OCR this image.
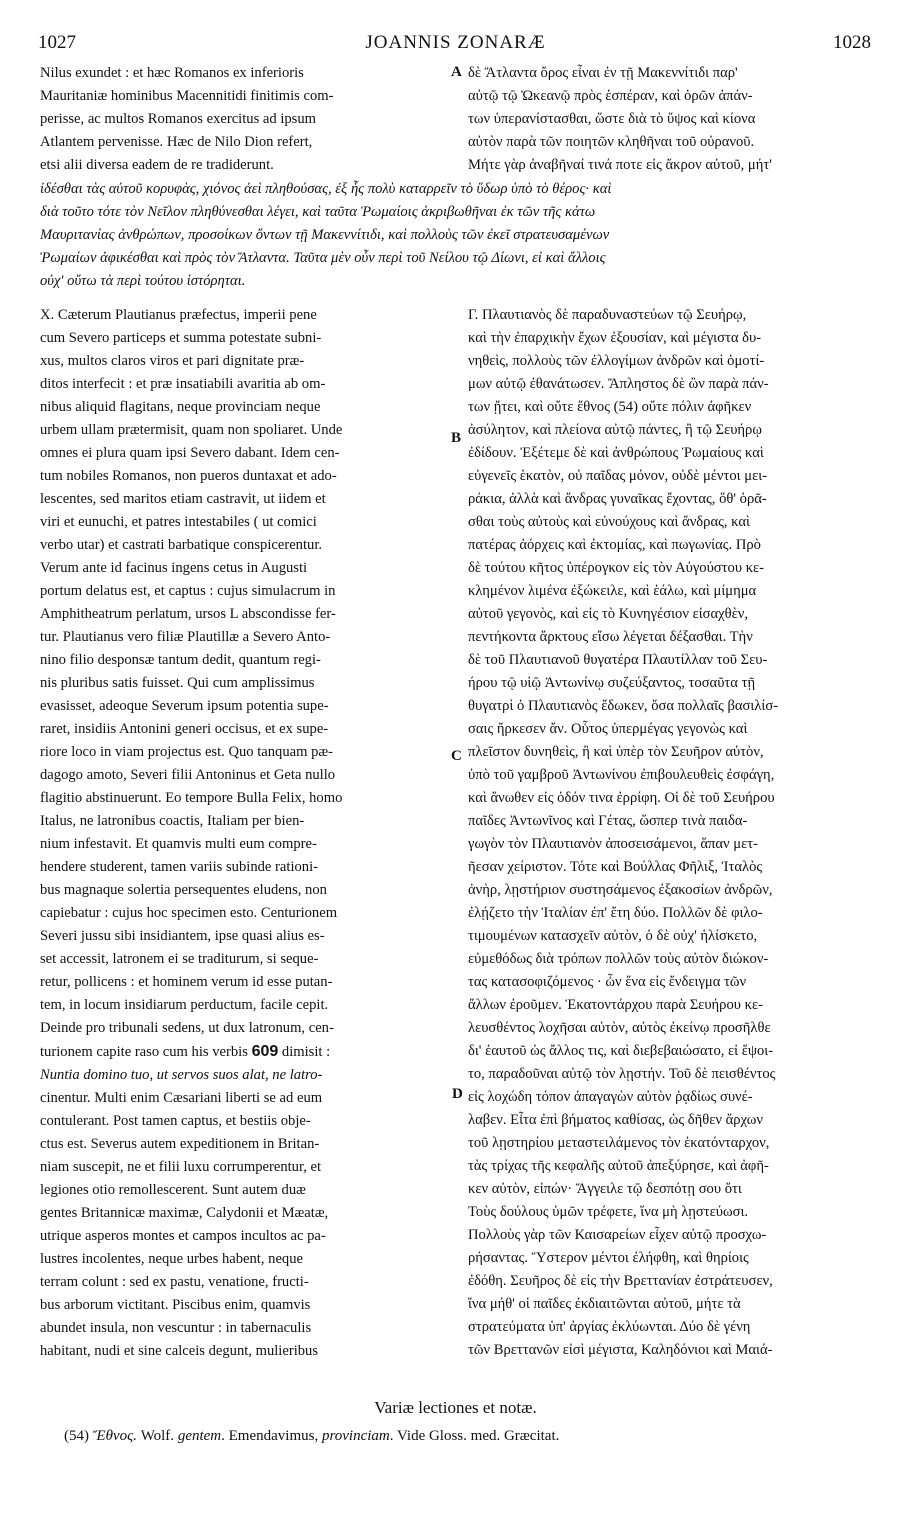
1027	JOANNIS ZONARÆ	1028
Nilus exundet : et hæc Romanos ex inferioris
Mauritaniæ hominibus Macennitidi finitimis com-
perisse, ac multos Romanos exercitus ad ipsum
Atlantem pervenisse. Hæc de Nilo Dion refert,
etsi alii diversa eadem de re tradiderunt.
A δὲ Ἄτλαντα ὄρος εἶναι ἐν τῇ Μακεννίτιδι παρ'
αὐτῷ τῷ Ὠκεανῷ πρὸς ἑσπέραν, καὶ ὁρῶν ἀπάν-
των ὑπερανίστασθαι, ὥστε διὰ τὸ ὕψος καὶ κίονα
αὐτὸν παρὰ τῶν ποιητῶν κληθῆναι τοῦ οὐρανοῦ.
Μήτε γὰρ ἀναβῆναί τινά ποτε εἰς ἄκρον αὐτοῦ, μήτ'
ἰδέσθαι τὰς αὐτοῦ κορυφὰς, χιόνος ἀεὶ πληθούσας, ἐξ ἧς πολὺ καταρρεῖν τὸ ὕδωρ ὑπὸ τὸ θέρος· καὶ
διὰ τοῦτο τότε τὸν Νεῖλον πληθύνεσθαι λέγει, καὶ ταῦτα Ῥωμαίοις ἀκριβωθῆναι ἐκ τῶν τῆς κάτω
Μαυριτανίας ἀνθρώπων, προσοίκων ὄντων τῇ Μακεννίτιδι, καὶ πολλοὺς τῶν ἐκεῖ στρατευσαμένων
Ῥωμαίων ἀφικέσθαι καὶ πρὸς τὸν Ἄτλαντα. Ταῦτα μὲν οὖν περὶ τοῦ Νείλου τῷ Δίωνι, εἰ καὶ ἄλλοις
οὐχ' οὕτω τὰ περὶ τούτου ἱστόρηται.
X. Cæterum Plautianus præfectus, imperii pene
cum Severo particeps et summa potestate subni-
xus, multos claros viros et pari dignitate præ-
ditos interfecit : et præ insatiabili avaritia ab om-
nibus aliquid flagitans, neque provinciam neque
urbem ullam prætermisit, quam non spoliaret. Unde
omnes ei plura quam ipsi Severo dabant. Idem cen-
tum nobiles Romanos, non pueros duntaxat et ado-
lescentes, sed maritos etiam castravit, ut iidem et
viri et eunuchi, et patres intestabiles ( ut comici
verbo utar) et castrati barbatique conspicerentur.
Verum ante id facinus ingens cetus in Augusti
portum delatus est, et captus : cujus simulacrum in
Amphitheatrum perlatum, ursos L abscondisse fer-
tur. Plautianus vero filiæ Plautillæ a Severo Anto-
nino filio desponsæ tantum dedit, quantum regi-
nis pluribus satis fuisset. Qui cum amplissimus
evasisset, adeoque Severum ipsum potentia supe-
raret, insidiis Antonini generi occisus, et ex supe-
riore loco in viam projectus est. Quo tanquam pæ-
dagogo amoto, Severi filii Antoninus et Geta nullo
flagitio abstinuerunt. Eo tempore Bulla Felix, homo
Italus, ne latronibus coactis, Italiam per bien-
nium infestavit. Et quamvis multi eum compre-
hendere studerent, tamen variis subinde rationi-
bus magnaque solertia persequentes eludens, non
capiebatur : cujus hoc specimen esto. Centurionem
Severi jussu sibi insidiantem, ipse quasi alius es-
set accessit, latronem ei se traditurum, si seque-
retur, pollicens : et hominem verum id esse putan-
tem, in locum insidiarum perductum, facile cepit.
Deinde pro tribunali sedens, ut dux latronum, cen-
turionem capite raso cum his verbis 609 dimisit :
Nuntia domino tuo, ut servos suos alat, ne latro-
cinentur. Multi enim Cæsariani liberti se ad eum
contulerant. Post tamen captus, et bestiis obje-
ctus est. Severus autem expeditionem in Britan-
niam suscepit, ne et filii luxu corrumperentur, et
legiones otio remollescerent. Sunt autem duæ
gentes Britannicæ maximæ, Calydonii et Mæatæ,
utrique asperos montes et campos incultos ac pa-
lustres incolentes, neque urbes habent, neque
terram colunt : sed ex pastu, venatione, fructi-
bus arborum victitant. Piscibus enim, quamvis
abundet insula, non vescuntur : in tabernaculis
habitant, nudi et sine calceis degunt, mulieribus
B
C
D
Γ. Πλαυτιανὸς δὲ παραδυναστεύων τῷ Σευήρῳ,
καὶ τὴν ἐπαρχικὴν ἔχων ἐξουσίαν, καὶ μέγιστα δυ-
νηθεὶς, πολλοὺς τῶν ἐλλογίμων ἀνδρῶν καὶ ὁμοτί-
μων αὐτῷ ἐθανάτωσεν. Ἄπληστος δὲ ὢν παρὰ πάν-
των ᾔτει, καὶ οὔτε ἔθνος (54) οὔτε πόλιν ἀφῆκεν
ἀσύλητον, καὶ πλείονα αὐτῷ πάντες, ἢ τῷ Σευήρῳ
ἐδίδουν. Ἐξέτεμε δὲ καὶ ἀνθρώπους Ῥωμαίους καὶ
εὐγενεῖς ἑκατὸν, οὐ παῖδας μόνον, οὐδὲ μέντοι μει-
ράκια, ἀλλὰ καὶ ἄνδρας γυναῖκας ἔχοντας, ὅθ' ὁρᾶ-
σθαι τοὺς αὐτοὺς καὶ εὐνούχους καὶ ἄνδρας, καὶ
πατέρας ἀόρχεις καὶ ἐκτομίας, καὶ πωγωνίας. Πρὸ
δὲ τούτου κῆτος ὑπέρογκον εἰς τὸν Αὐγούστου κε-
κλημένον λιμένα ἐξώκειλε, καὶ ἑάλω, καὶ μίμημα
αὐτοῦ γεγονὸς, καὶ εἰς τὸ Κυνηγέσιον εἰσαχθὲν,
πεντήκοντα ἄρκτους εἴσω λέγεται δέξασθαι. Τὴν
δὲ τοῦ Πλαυτιανοῦ θυγατέρα Πλαυτίλλαν τοῦ Σευ-
ήρου τῷ υἱῷ Ἀντωνίνῳ συζεύξαντος, τοσαῦτα τῇ
θυγατρὶ ὁ Πλαυτιανὸς ἔδωκεν, ὅσα πολλαῖς βασιλίσ-
σαις ἤρκεσεν ἄν. Οὗτος ὑπερμέγας γεγονὼς καὶ
πλεῖστον δυνηθεὶς, ἢ καὶ ὑπὲρ τὸν Σευῆρον αὐτὸν,
ὑπὸ τοῦ γαμβροῦ Ἀντωνίνου ἐπιβουλευθεὶς ἐσφάγη,
καὶ ἄνωθεν εἰς ὁδόν τινα ἐρρίφη. Οἱ δὲ τοῦ Σευήρου
παῖδες Ἀντωνῖνος καὶ Γέτας, ὥσπερ τινὰ παιδα-
γωγὸν τὸν Πλαυτιανὸν ἀποσεισάμενοι, ἅπαν μετ-
ῆεσαν χείριστον. Τότε καὶ Βούλλας Φῆλιξ, Ἰταλὸς
ἀνὴρ, λῃστήριον συστησάμενος ἐξακοσίων ἀνδρῶν,
ἐλῄζετο τὴν Ἰταλίαν ἐπ' ἔτη δύο. Πολλῶν δὲ φιλο-
τιμουμένων κατασχεῖν αὐτὸν, ὁ δὲ οὐχ' ἡλίσκετο,
εὐμεθόδως διὰ τρόπων πολλῶν τοὺς αὐτὸν διώκον-
τας κατασοφιζόμενος · ὧν ἕνα εἰς ἔνδειγμα τῶν
ἄλλων ἐροῦμεν. Ἑκατοντάρχου παρὰ Σευήρου κε-
λευσθέντος λοχῆσαι αὐτὸν, αὐτὸς ἐκείνῳ προσῆλθε
δι' ἑαυτοῦ ὡς ἄλλος τις, καὶ διεβεβαιώσατο, εἰ ἕψοι-
το, παραδοῦναι αὐτῷ τὸν λῃστήν. Τοῦ δὲ πεισθέντος
εἰς λοχώδη τόπον ἀπαγαγὼν αὐτὸν ῥᾳδίως συνέ-
λαβεν. Εἶτα ἐπὶ βήματος καθίσας, ὡς δῆθεν ἄρχων
τοῦ λῃστηρίου μεταστειλάμενος τὸν ἑκατόνταρχον,
τὰς τρίχας τῆς κεφαλῆς αὐτοῦ ἀπεξύρησε, καὶ ἀφῆ-
κεν αὐτὸν, εἰπών· Ἄγγειλε τῷ δεσπότῃ σου ὅτι
Τοὺς δούλους ὑμῶν τρέφετε, ἵνα μὴ λῃστεύωσι.
Πολλοὺς γὰρ τῶν Καισαρείων εἶχεν αὐτῷ προσχω-
ρήσαντας. Ὕστερον μέντοι ἐλήφθη, καὶ θηρίοις
ἐδόθη. Σευῆρος δὲ εἰς τὴν Βρεττανίαν ἐστράτευσεν,
ἵνα μήθ' οἱ παῖδες ἐκδιαιτῶνται αὐτοῦ, μήτε τὰ
στρατεύματα ὑπ' ἀργίας ἐκλύωνται. Δύο δὲ γένη
τῶν Βρεττανῶν εἰσὶ μέγιστα, Καληδόνιοι καὶ Μαιά-
Variæ lectiones et notæ.
(54) Ἔθνος. Wolf. gentem. Emendavimus, provinciam. Vide Gloss. med. Græcitat.
